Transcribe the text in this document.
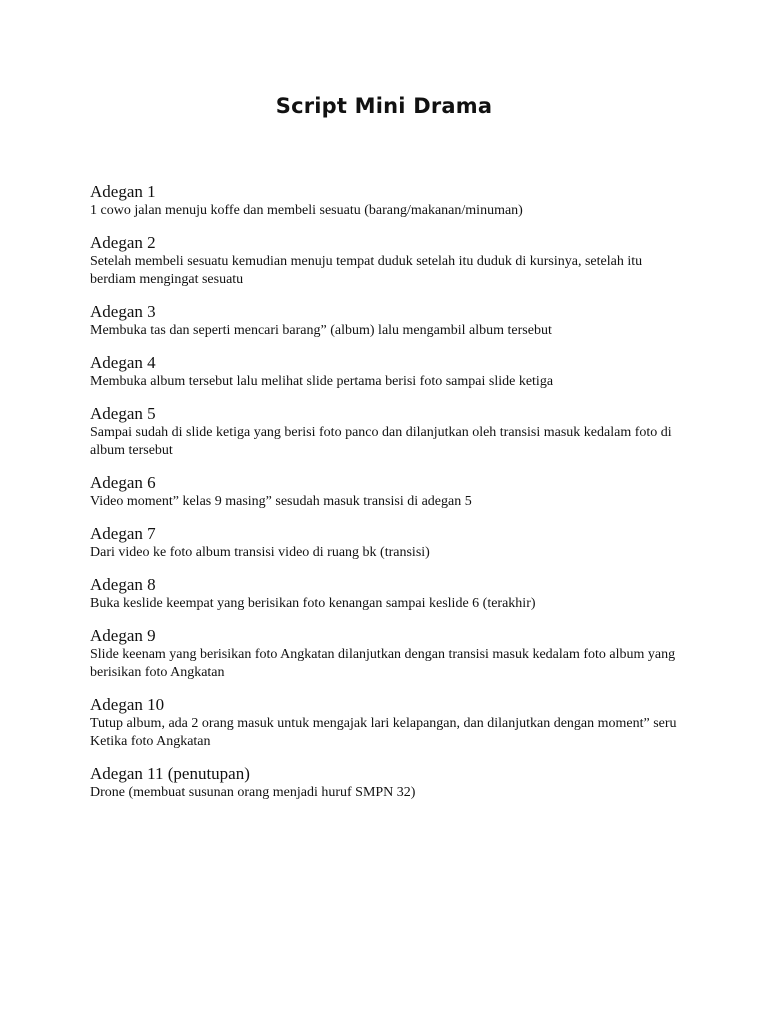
Script Mini Drama
Adegan 1
1 cowo jalan menuju koffe dan membeli sesuatu (barang/makanan/minuman)
Adegan 2
Setelah membeli sesuatu kemudian menuju tempat duduk setelah itu duduk di kursinya, setelah itu berdiam mengingat sesuatu
Adegan 3
Membuka tas dan seperti mencari barang” (album) lalu mengambil album tersebut
Adegan 4
Membuka album tersebut lalu melihat slide pertama berisi foto sampai slide ketiga
Adegan 5
Sampai sudah di slide ketiga yang berisi foto panco dan dilanjutkan oleh transisi masuk kedalam foto di album tersebut
Adegan 6
Video moment” kelas 9 masing” sesudah masuk transisi di adegan 5
Adegan 7
Dari video ke foto album transisi video di ruang bk (transisi)
Adegan 8
Buka keslide keempat yang berisikan foto kenangan sampai keslide 6 (terakhir)
Adegan 9
Slide keenam yang berisikan foto Angkatan dilanjutkan dengan transisi masuk kedalam foto album yang berisikan foto Angkatan
Adegan 10
Tutup album, ada 2 orang masuk untuk mengajak lari kelapangan, dan dilanjutkan dengan moment” seru Ketika foto Angkatan
Adegan 11 (penutupan)
Drone (membuat susunan orang menjadi huruf SMPN 32)
